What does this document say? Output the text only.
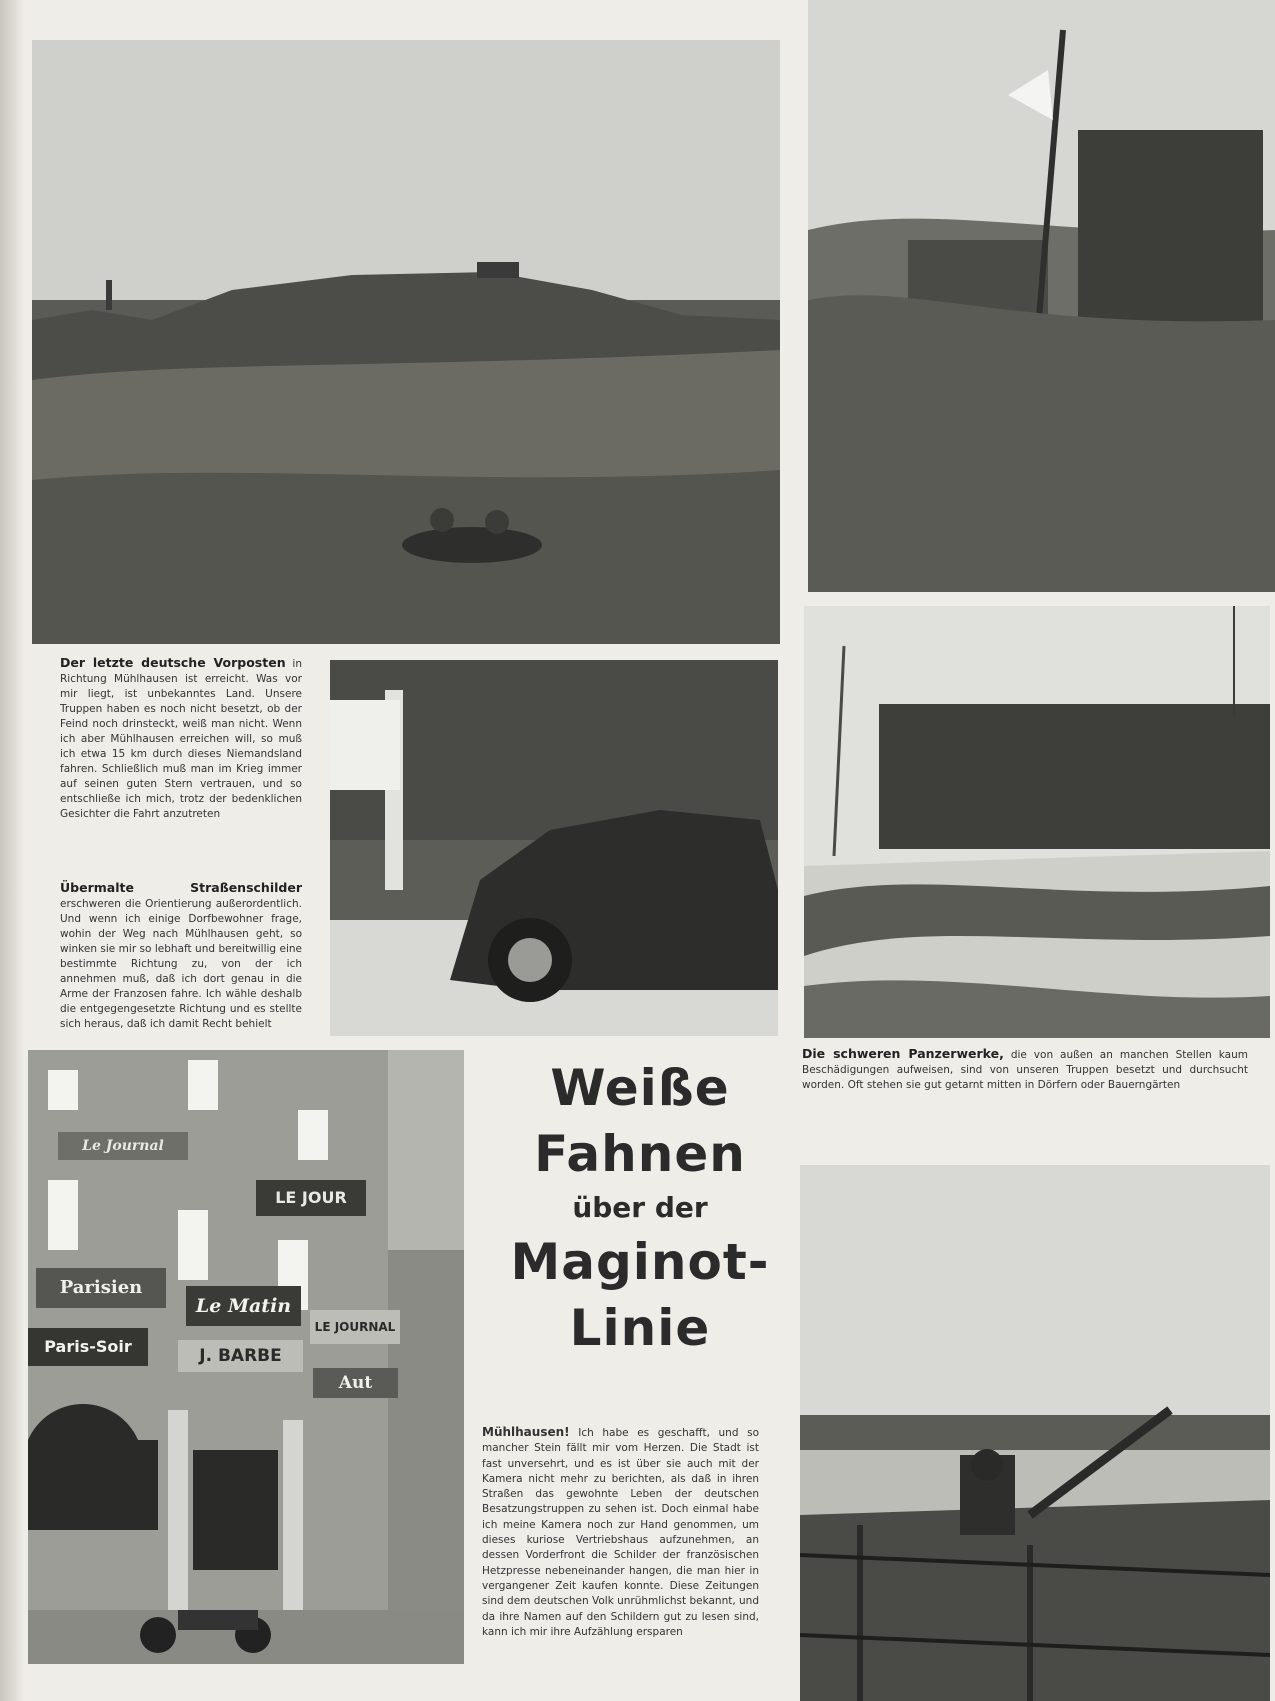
Le Journal
LE JOUR
Parisien
Le Matin
Paris-Soir	J. BARBE
LE JOURNAL
Aut
Der letzte deutsche Vorposten in Richtung Mühlhausen ist erreicht. Was vor mir liegt, ist unbekanntes Land. Unsere Truppen haben es noch nicht besetzt, ob der Feind noch drinsteckt, weiß man nicht. Wenn ich aber Mühlhausen erreichen will, so muß ich etwa 15 km durch dieses Niemandsland fahren. Schließlich muß man im Krieg immer auf seinen guten Stern vertrauen, und so entschließe ich mich, trotz der bedenklichen Gesichter die Fahrt anzutreten
Übermalte Straßenschilder erschweren die Orientierung außerordentlich. Und wenn ich einige Dorfbewohner frage, wohin der Weg nach Mühlhausen geht, so winken sie mir so lebhaft und bereitwillig eine bestimmte Richtung zu, von der ich annehmen muß, daß ich dort genau in die Arme der Franzosen fahre. Ich wähle deshalb die entgegengesetzte Richtung und es stellte sich heraus, daß ich damit Recht behielt
Die schweren Panzerwerke, die von außen an manchen Stellen kaum Beschädigungen aufweisen, sind von unseren Truppen besetzt und durchsucht worden. Oft stehen sie gut getarnt mitten in Dörfern oder Bauerngärten
Weiße
Fahnen
über der
Maginot-
Linie
Mühlhausen! Ich habe es geschafft, und so mancher Stein fällt mir vom Herzen. Die Stadt ist fast unversehrt, und es ist über sie auch mit der Kamera nicht mehr zu berichten, als daß in ihren Straßen das gewohnte Leben der deutschen Besatzungstruppen zu sehen ist. Doch einmal habe ich meine Kamera noch zur Hand genommen, um dieses kuriose Vertriebshaus aufzunehmen, an dessen Vorderfront die Schilder der französischen Hetzpresse nebeneinander hangen, die man hier in vergangener Zeit kaufen konnte. Diese Zeitungen sind dem deutschen Volk unrühmlichst bekannt, und da ihre Namen auf den Schildern gut zu lesen sind, kann ich mir ihre Aufzählung ersparen
